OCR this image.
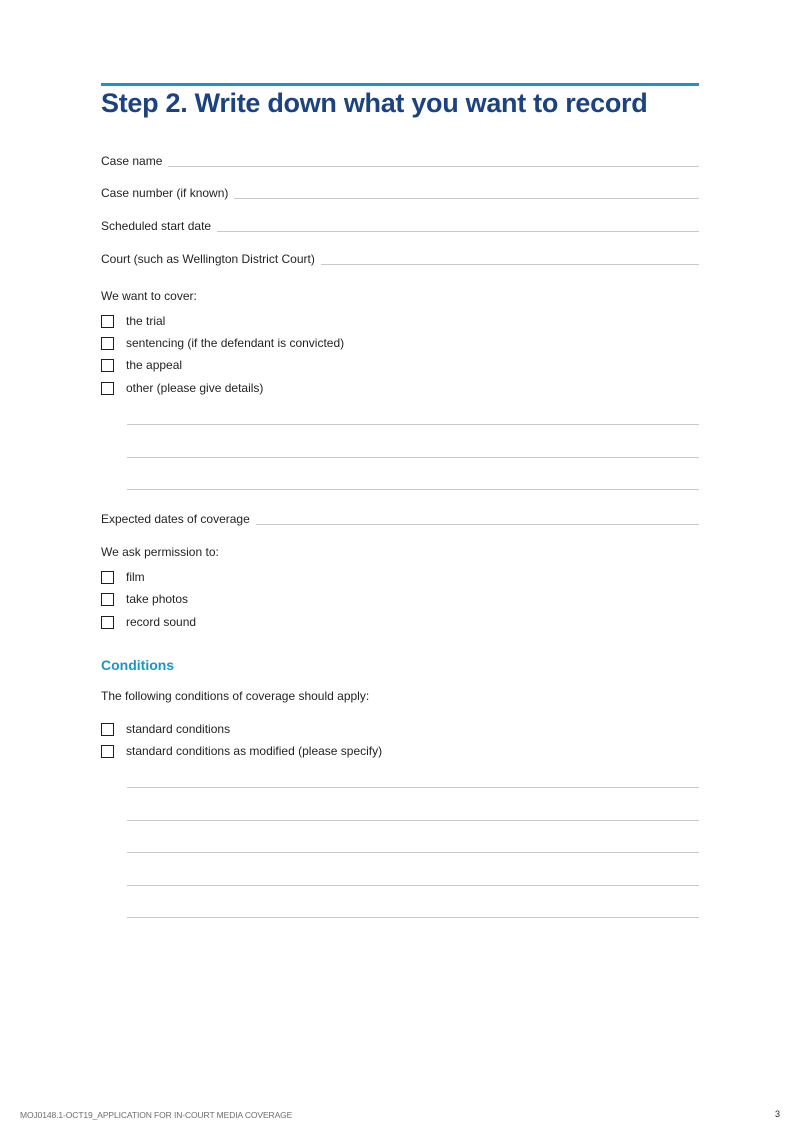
Step 2. Write down what you want to record
Case name
Case number (if known)
Scheduled start date
Court (such as Wellington District Court)
We want to cover:
the trial
sentencing (if the defendant is convicted)
the appeal
other (please give details)
Expected dates of coverage
We ask permission to:
film
take photos
record sound
Conditions
The following conditions of coverage should apply:
standard conditions
standard conditions as modified (please specify)
MOJ0148.1-OCT19_APPLICATION FOR IN-COURT MEDIA COVERAGE	3
